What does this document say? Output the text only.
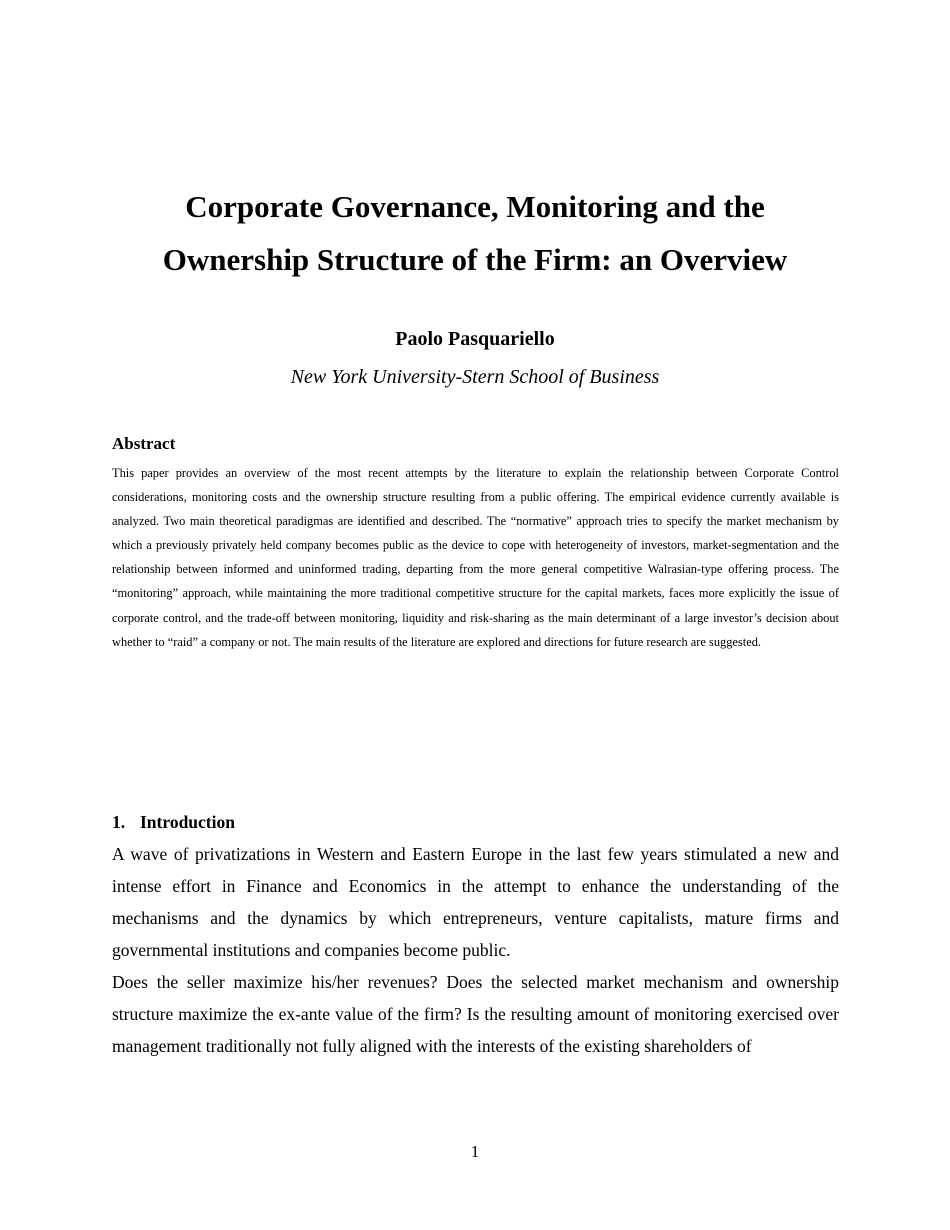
Corporate Governance, Monitoring and the
Ownership Structure of the Firm: an Overview

Paolo Pasquariello

New York University-Stern School of Business

Abstract

This paper provides an overview of the most recent attempts by the literature to explain the relationship between Corporate Control considerations, monitoring costs and the ownership structure resulting from a public offering. The empirical evidence currently available is analyzed. Two main theoretical paradigmas are identified and described. The “normative” approach tries to specify the market mechanism by which a previously privately held company becomes public as the device to cope with heterogeneity of investors, market-segmentation and the relationship between informed and uninformed trading, departing from the more general competitive Walrasian-type offering process. The “monitoring” approach, while maintaining the more traditional competitive structure for the capital markets, faces more explicitly the issue of corporate control, and the trade-off between monitoring, liquidity and risk-sharing as the main determinant of a large investor’s decision about whether to “raid” a company or not. The main results of the literature are explored and directions for future research are suggested.

1. Introduction

A wave of privatizations in Western and Eastern Europe in the last few years stimulated a new and intense effort in Finance and Economics in the attempt to enhance the understanding of the mechanisms and the dynamics by which entrepreneurs, venture capitalists, mature firms and governmental institutions and companies become public.

Does the seller maximize his/her revenues? Does the selected market mechanism and ownership structure maximize the ex-ante value of the firm? Is the resulting amount of monitoring exercised over management traditionally not fully aligned with the interests of the existing shareholders of

1
